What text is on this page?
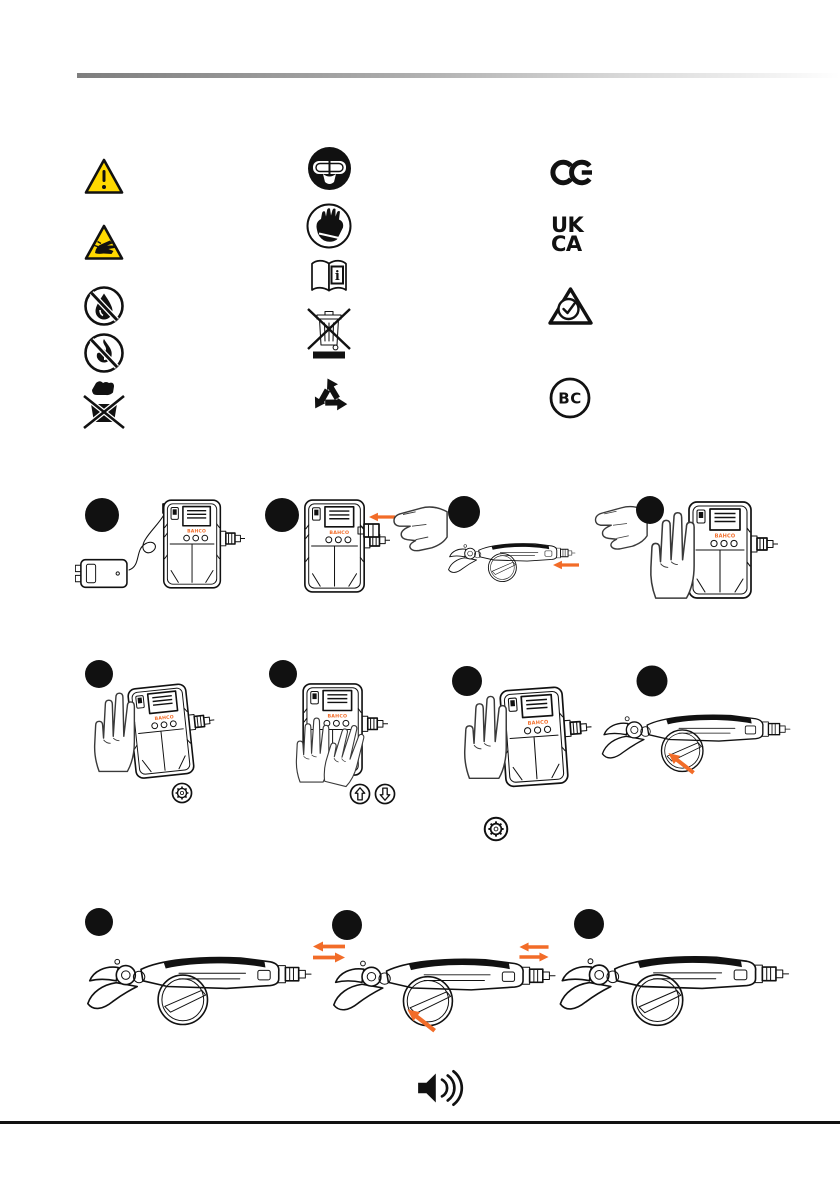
i
UK
CA
BC
